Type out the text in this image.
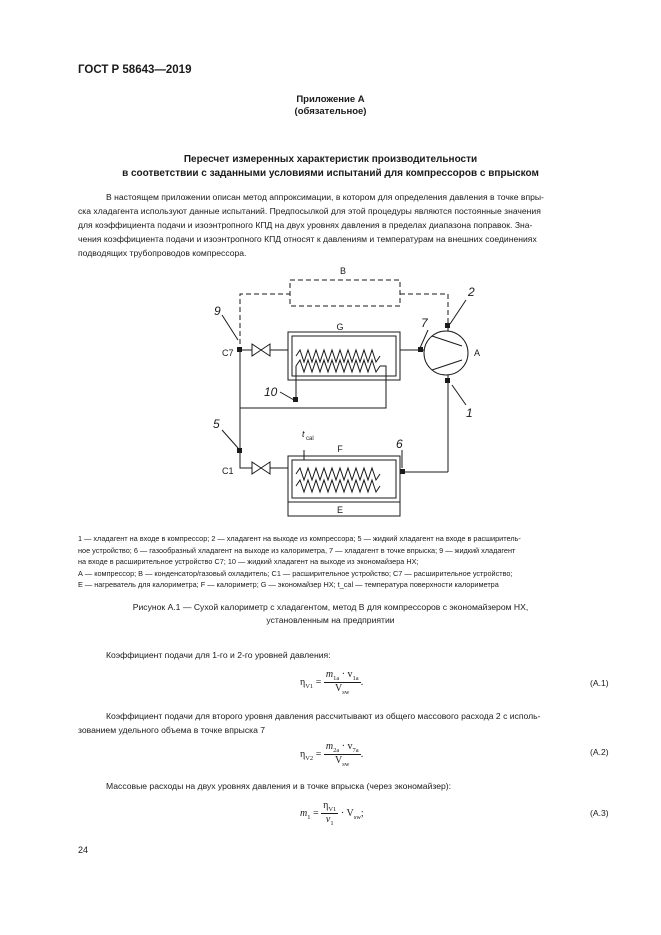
ГОСТ Р 58643—2019
Приложение А
(обязательное)
Пересчет измеренных характеристик производительности
в соответствии с заданными условиями испытаний для компрессоров с впрыском
В настоящем приложении описан метод аппроксимации, в котором для определения давления в точке впры-
ска хладагента используют данные испытаний. Предпосылкой для этой процедуры являются постоянные значения
для коэффициента подачи и изоэнтропного КПД на двух уровнях давления в пределах диапазона поправок. Зна-
чения коэффициента подачи и изоэнтропного КПД относят к давлениям и температурам на внешних соединениях
подводящих трубопроводов компрессора.
B
G
A
F
E
C7
C1
t cal
9
2
7
10
1
5
6
1 — хладагент на входе в компрессор; 2 — хладагент на выходе из компрессора; 5 — жидкий хладагент на входе в расширитель-
ное устройство; 6 — газообразный хладагент на выходе из калориметра, 7 — хладагент в точке впрыска; 9 — жидкий хладагент
на входе в расширительное устройство С7; 10 — жидкий хладагент на выходе из экономайзера НХ;
А — компрессор; В — конденсатор/газовый охладитель; С1 — расширительное устройство; С7 — расширительное устройство;
Е — нагреватель для калориметра; F — калориметр; G — экономайзер НХ; t_cal — температура поверхности калориметра
Рисунок А.1 — Сухой калориметр с хладагентом, метод В для компрессоров с экономайзером НХ,
установленным на предприятии
Коэффициент подачи для 1-го и 2-го уровней давления:
$\eta_{V1} = \frac{m_{1a} \cdot v_{1a}}{V_{sw}}$ .	(А.1)
Коэффициент подачи для второго уровня давления рассчитывают из общего массового расхода 2 с исполь-
зованием удельного объема в точке впрыска 7
$\eta_{V2} = \frac{m_{2a} \cdot v_{7a}}{V_{sw}}$ .	(А.2)
Массовые расходы на двух уровнях давления и в точке впрыска (через экономайзер):
$m_1 = \frac{\eta_{V1}}{v_1} \cdot V_{sw}$;	(А.3)
24
